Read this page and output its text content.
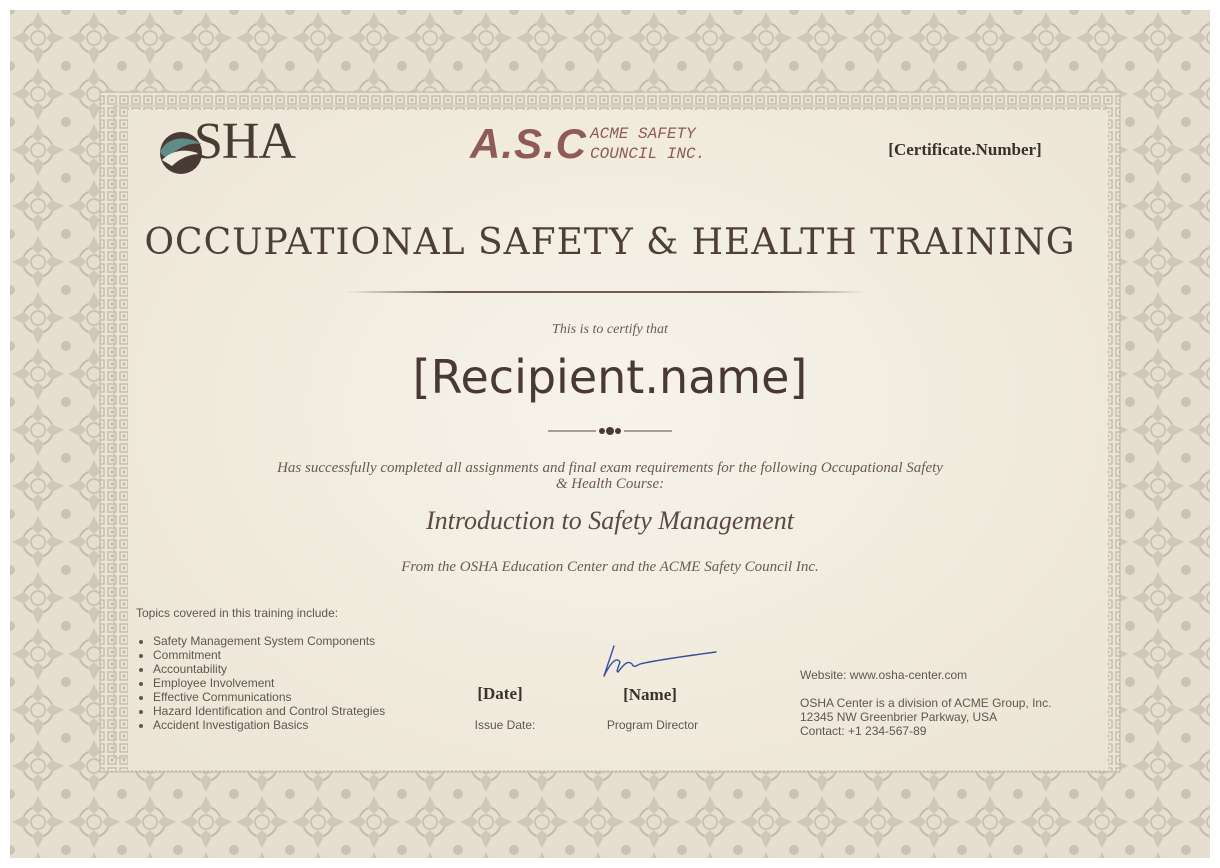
SHA	A.S.C ACME SAFETY
COUNCIL INC.	[Certificate.Number]
OCCUPATIONAL SAFETY & HEALTH TRAINING
This is to certify that
[Recipient.name]
Has successfully completed all assignments and final exam requirements for the following Occupational Safety & Health Course:
Introduction to Safety Management
From the OSHA Education Center and the ACME Safety Council Inc.
Topics covered in this training include:
• Safety Management System Components
• Commitment
• Accountability
• Employee Involvement
• Effective Communications
• Hazard Identification and Control Strategies
• Accident Investigation Basics
[Date]
Issue Date:
[Name]
Program Director
Website: www.osha-center.com
OSHA Center is a division of ACME Group, Inc.
12345 NW Greenbrier Parkway, USA
Contact: +1 234-567-89
